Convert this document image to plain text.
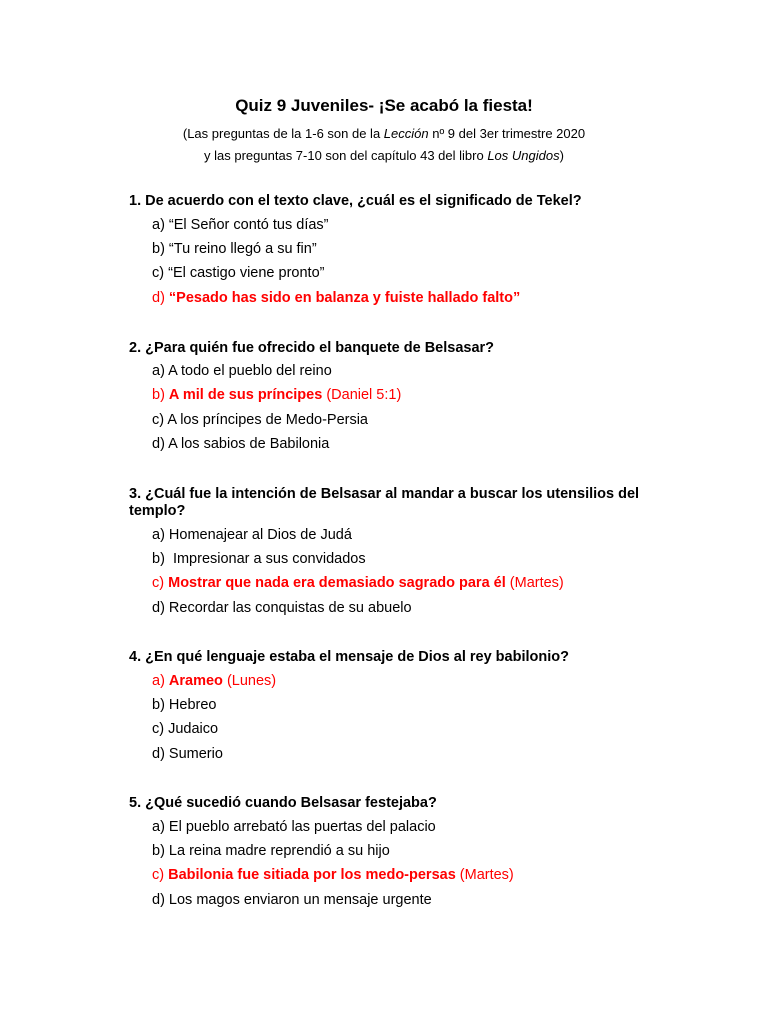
Quiz 9 Juveniles- ¡Se acabó la fiesta!
(Las preguntas de la 1-6 son de la Lección nº 9 del 3er trimestre 2020
y las preguntas 7-10 son del capítulo 43 del libro Los Ungidos)
1. De acuerdo con el texto clave, ¿cuál es el significado de Tekel?
a) “El Señor contó tus días”
b) “Tu reino llegó a su fin”
c) “El castigo viene pronto”
d) “Pesado has sido en balanza y fuiste hallado falto”
2. ¿Para quién fue ofrecido el banquete de Belsasar?
a) A todo el pueblo del reino
b) A mil de sus príncipes (Daniel 5:1)
c) A los príncipes de Medo-Persia
d) A los sabios de Babilonia
3. ¿Cuál fue la intención de Belsasar al mandar a buscar los utensilios del templo?
a) Homenajear al Dios de Judá
b)  Impresionar a sus convidados
c) Mostrar que nada era demasiado sagrado para él (Martes)
d) Recordar las conquistas de su abuelo
4. ¿En qué lenguaje estaba el mensaje de Dios al rey babilonio?
a) Arameo (Lunes)
b) Hebreo
c) Judaico
d) Sumerio
5. ¿Qué sucedió cuando Belsasar festejaba?
a) El pueblo arrebató las puertas del palacio
b) La reina madre reprendió a su hijo
c) Babilonia fue sitiada por los medo-persas (Martes)
d) Los magos enviaron un mensaje urgente
